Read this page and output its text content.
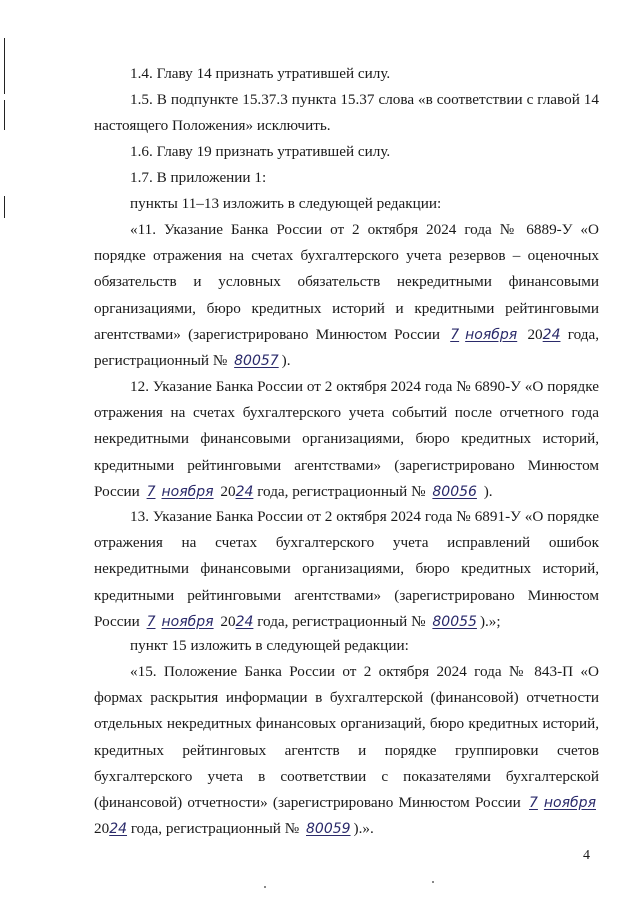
1.4. Главу 14 признать утратившей силу.

1.5. В подпункте 15.37.3 пункта 15.37 слова «в соответствии с главой 14 настоящего Положения» исключить.

1.6. Главу 19 признать утратившей силу.

1.7. В приложении 1:

пункты 11–13 изложить в следующей редакции:

«11. Указание Банка России от 2 октября 2024 года № 6889-У «О порядке отражения на счетах бухгалтерского учета резервов – оценочных обязательств и условных обязательств некредитными финансовыми организациями, бюро кредитных историй и кредитными рейтинговыми агентствами» (зарегистрировано Минюстом России 7 ноября 2024 года, регистрационный № 80057 ).

12. Указание Банка России от 2 октября 2024 года № 6890-У «О порядке отражения на счетах бухгалтерского учета событий после отчетного года некредитными финансовыми организациями, бюро кредитных историй, кредитными рейтинговыми агентствами» (зарегистрировано Минюстом России 7 ноября 2024 года, регистрационный № 80056 ).

13. Указание Банка России от 2 октября 2024 года № 6891-У «О порядке отражения на счетах бухгалтерского учета исправлений ошибок некредитными финансовыми организациями, бюро кредитных историй, кредитными рейтинговыми агентствами» (зарегистрировано Минюстом России 7 ноября 2024 года, регистрационный № 80055 ).»;

пункт 15 изложить в следующей редакции:

«15. Положение Банка России от 2 октября 2024 года № 843-П «О формах раскрытия информации в бухгалтерской (финансовой) отчетности отдельных некредитных финансовых организаций, бюро кредитных историй, кредитных рейтинговых агентств и порядке группировки счетов бухгалтерского учета в соответствии с показателями бухгалтерской (финансовой) отчетности» (зарегистрировано Минюстом России 7 ноября 2024 года, регистрационный № 80059 ).».

4
